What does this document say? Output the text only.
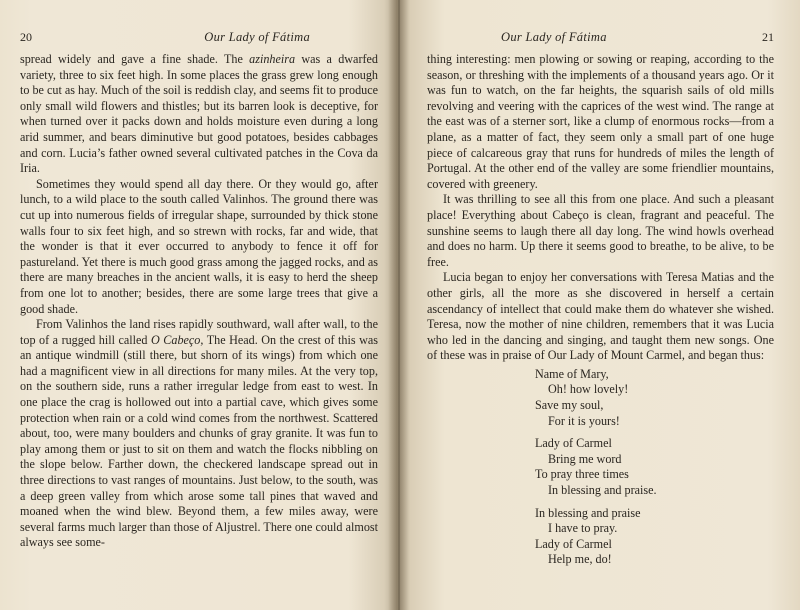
20	Our Lady of Fátima

spread widely and gave a fine shade. The azinheira was a dwarfed variety, three to six feet high. In some places the grass grew long enough to be cut as hay. Much of the soil is reddish clay, and seems fit to produce only small wild flowers and thistles; but its barren look is deceptive, for when turned over it packs down and holds moisture even during a long arid summer, and bears diminutive but good potatoes, besides cabbages and corn. Lucia’s father owned several cultivated patches in the Cova da Iria.

Sometimes they would spend all day there. Or they would go, after lunch, to a wild place to the south called Valinhos. The ground there was cut up into numerous fields of irregular shape, surrounded by thick stone walls four to six feet high, and so strewn with rocks, far and wide, that the wonder is that it ever occurred to anybody to fence it off for pastureland. Yet there is much good grass among the jagged rocks, and as there are many breaches in the ancient walls, it is easy to herd the sheep from one lot to another; besides, there are some large trees that give a good shade.

From Valinhos the land rises rapidly southward, wall after wall, to the top of a rugged hill called O Cabeço, The Head. On the crest of this was an antique windmill (still there, but shorn of its wings) from which one had a magnificent view in all directions for many miles. At the very top, on the southern side, runs a rather irregular ledge from east to west. In one place the crag is hollowed out into a partial cave, which gives some protection when rain or a cold wind comes from the northwest. Scattered about, too, were many boulders and chunks of gray granite. It was fun to play among them or just to sit on them and watch the flocks nibbling on the slope below. Farther down, the checkered landscape spread out in three directions to vast ranges of mountains. Just below, to the south, was a deep green valley from which arose some tall pines that waved and moaned when the wind blew. Beyond them, a few miles away, were several farms much larger than those of Aljustrel. There one could almost always see some-

Our Lady of Fátima	21

thing interesting: men plowing or sowing or reaping, according to the season, or threshing with the implements of a thousand years ago. Or it was fun to watch, on the far heights, the squarish sails of old mills revolving and veering with the caprices of the west wind. The range at the east was of a sterner sort, like a clump of enormous rocks—from a plane, as a matter of fact, they seem only a small part of one huge piece of calcareous gray that runs for hundreds of miles the length of Portugal. At the other end of the valley are some friendlier mountains, covered with greenery.

It was thrilling to see all this from one place. And such a pleasant place! Everything about Cabeço is clean, fragrant and peaceful. The sunshine seems to laugh there all day long. The wind howls overhead and does no harm. Up there it seems good to breathe, to be alive, to be free.

Lucia began to enjoy her conversations with Teresa Matias and the other girls, all the more as she discovered in herself a certain ascendancy of intellect that could make them do whatever she wished. Teresa, now the mother of nine children, remembers that it was Lucia who led in the dancing and singing, and taught them new songs. One of these was in praise of Our Lady of Mount Carmel, and began thus:

Name of Mary,
Oh! how lovely!
Save my soul,
For it is yours!
Lady of Carmel
Bring me word
To pray three times
In blessing and praise.
In blessing and praise
I have to pray.
Lady of Carmel
Help me, do!
